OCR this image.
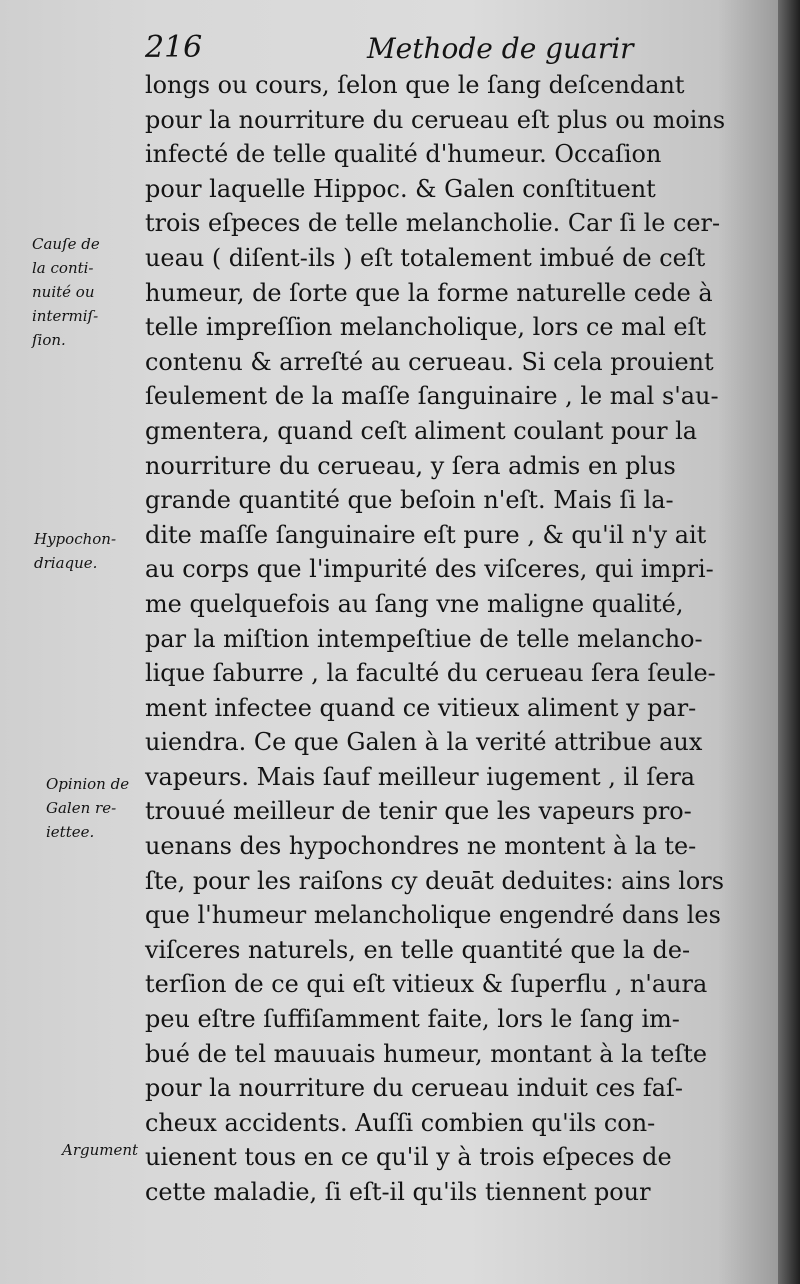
216	Methode de guarir
longs ou cours, ſelon que le ſang deſcendant
pour la nourriture du cerueau eſt plus ou moins
infecté de telle qualité d'humeur. Occaſion
pour laquelle Hippoc. & Galen conſtituent
trois eſpeces de telle melancholie. Car ſi le cer-
ueau ( diſent-ils ) eſt totalement imbué de ceſt
humeur, de ſorte que la forme naturelle cede à
telle impreſſion melancholique, lors ce mal eſt
contenu & arreſté au cerueau. Si cela prouient
ſeulement de la maſſe ſanguinaire , le mal s'au-
gmentera, quand ceſt aliment coulant pour la
nourriture du cerueau, y ſera admis en plus
grande quantité que beſoin n'eſt. Mais ſi la-
dite maſſe ſanguinaire eſt pure , & qu'il n'y ait
au corps que l'impurité des viſceres, qui impri-
me quelquefois au ſang vne maligne qualité,
par la miſtion intempeſtiue de telle melancho-
lique ſaburre , la faculté du cerueau ſera ſeule-
ment infectee quand ce vitieux aliment y par-
uiendra. Ce que Galen à la verité attribue aux
vapeurs. Mais ſauf meilleur iugement , il ſera
trouué meilleur de tenir que les vapeurs pro-
uenans des hypochondres ne montent à la te-
ſte, pour les raiſons cy deuāt deduites: ains lors
que l'humeur melancholique engendré dans les
viſceres naturels, en telle quantité que la de-
terſion de ce qui eſt vitieux & ſuperflu , n'aura
peu eſtre ſuffiſamment faite, lors le ſang im-
bué de tel mauuais humeur, montant à la teſte
pour la nourriture du cerueau induit ces faſ-
cheux accidents. Auſſi combien qu'ils con-
uienent tous en ce qu'il y à trois eſpeces de
cette maladie, ſi eſt-il qu'ils tiennent pour
Cauſe de
la conti-
nuité ou
intermiſ-
ſion.
Hypochon-
driaque.
Opinion de
Galen re-
iettee.
Argument
